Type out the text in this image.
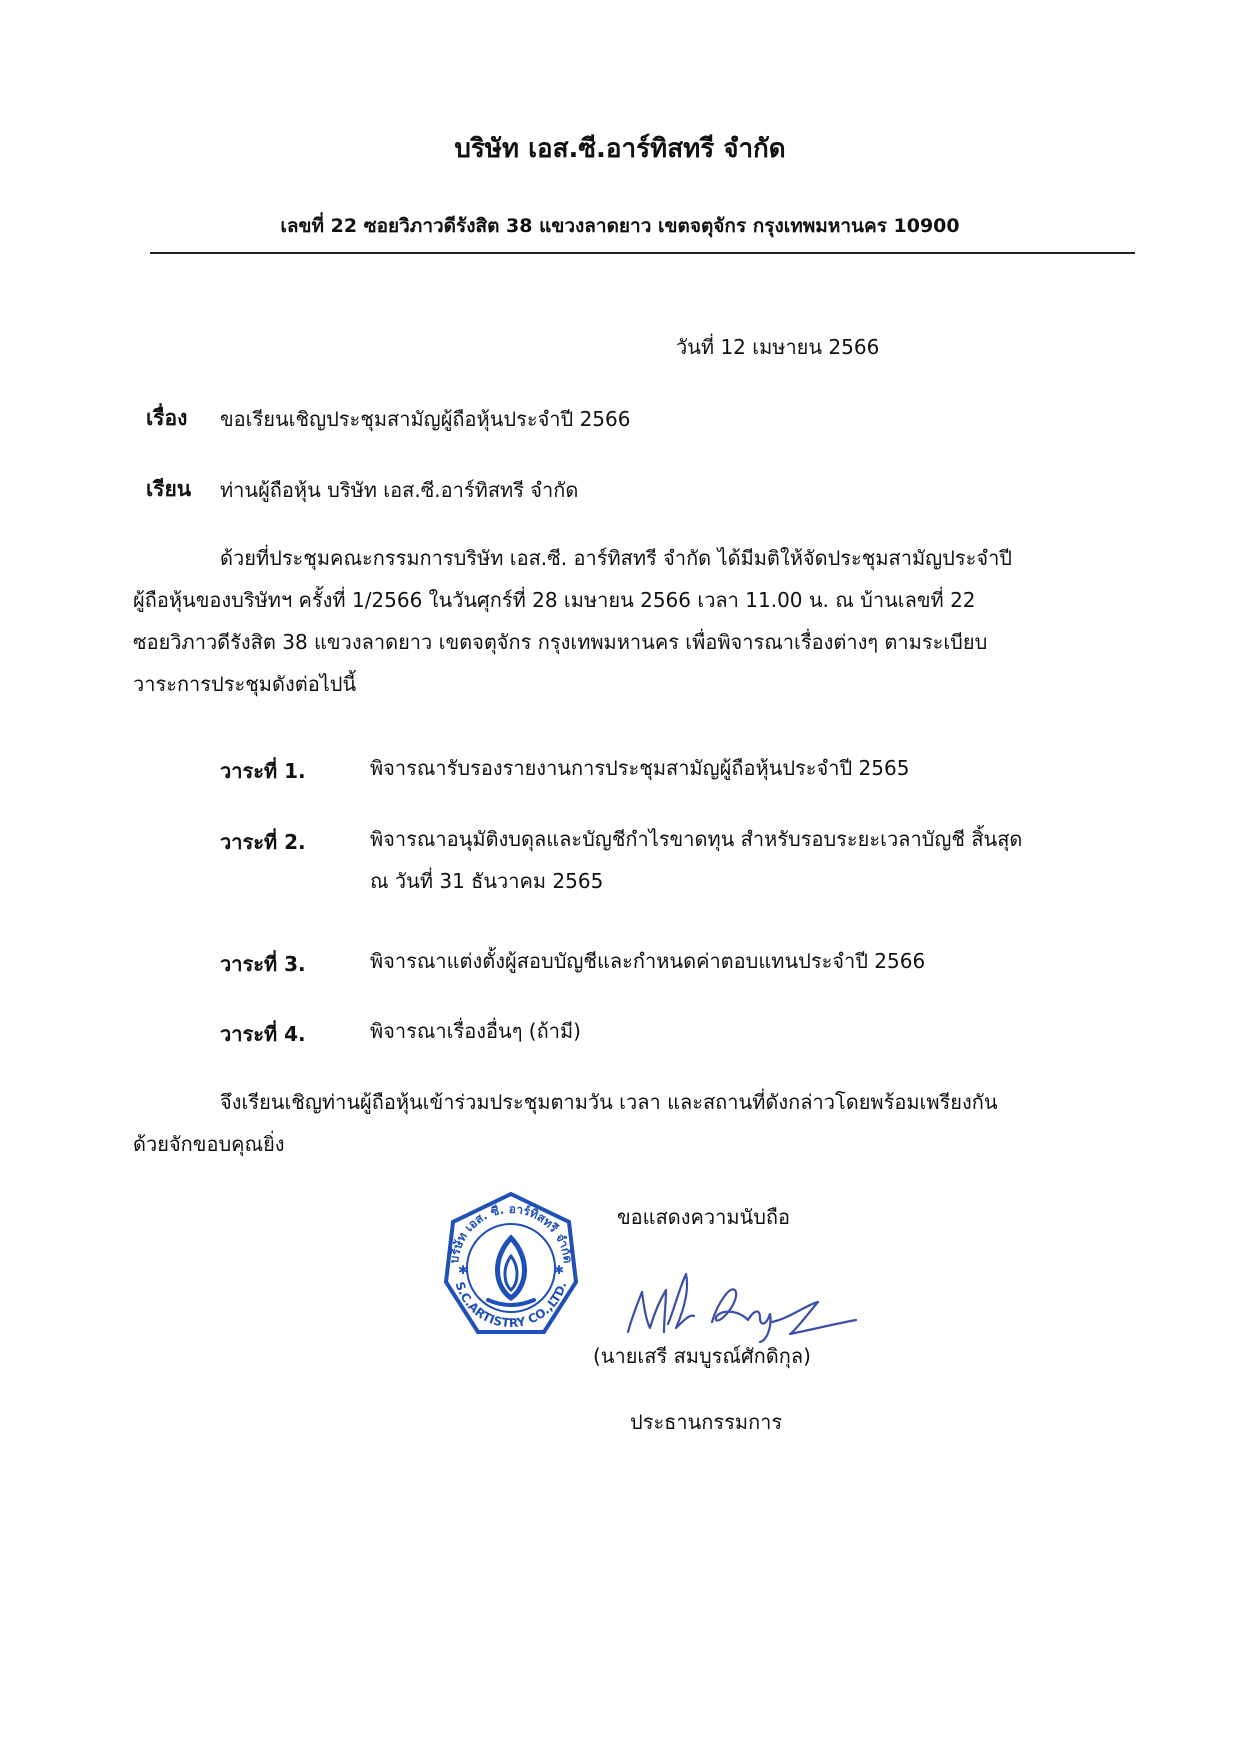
บริษัท เอส.ซี.อาร์ทิสทรี จำกัด
เลขที่ 22 ซอยวิภาวดีรังสิต 38 แขวงลาดยาว เขตจตุจักร กรุงเทพมหานคร 10900
วันที่ 12 เมษายน 2566
เรื่อง ขอเรียนเชิญประชุมสามัญผู้ถือหุ้นประจำปี 2566
เรียน ท่านผู้ถือหุ้น บริษัท เอส.ซี.อาร์ทิสทรี จำกัด
ด้วยที่ประชุมคณะกรรมการบริษัท เอส.ซี. อาร์ทิสทรี จำกัด ได้มีมติให้จัดประชุมสามัญประจำปี
ผู้ถือหุ้นของบริษัทฯ ครั้งที่ 1/2566 ในวันศุกร์ที่ 28 เมษายน 2566 เวลา 11.00 น. ณ บ้านเลขที่ 22
ซอยวิภาวดีรังสิต 38 แขวงลาดยาว เขตจตุจักร กรุงเทพมหานคร เพื่อพิจารณาเรื่องต่างๆ ตามระเบียบ
วาระการประชุมดังต่อไปนี้
วาระที่ 1.	พิจารณารับรองรายงานการประชุมสามัญผู้ถือหุ้นประจำปี 2565
วาระที่ 2.	พิจารณาอนุมัติงบดุลและบัญชีกำไรขาดทุน สำหรับรอบระยะเวลาบัญชี สิ้นสุด
ณ วันที่ 31 ธันวาคม 2565
วาระที่ 3.	พิจารณาแต่งตั้งผู้สอบบัญชีและกำหนดค่าตอบแทนประจำปี 2566
วาระที่ 4.	พิจารณาเรื่องอื่นๆ (ถ้ามี)
จึงเรียนเชิญท่านผู้ถือหุ้นเข้าร่วมประชุมตามวัน เวลา และสถานที่ดังกล่าวโดยพร้อมเพรียงกัน
ด้วยจักขอบคุณยิ่ง
ขอแสดงความนับถือ
บริษัท เอส. ซี. อาร์ทิสทรี จำกัด
S.C.ARTISTRY CO.,LTD.
✱	✱
(นายเสรี สมบูรณ์ศักดิกุล)
ประธานกรรมการ
